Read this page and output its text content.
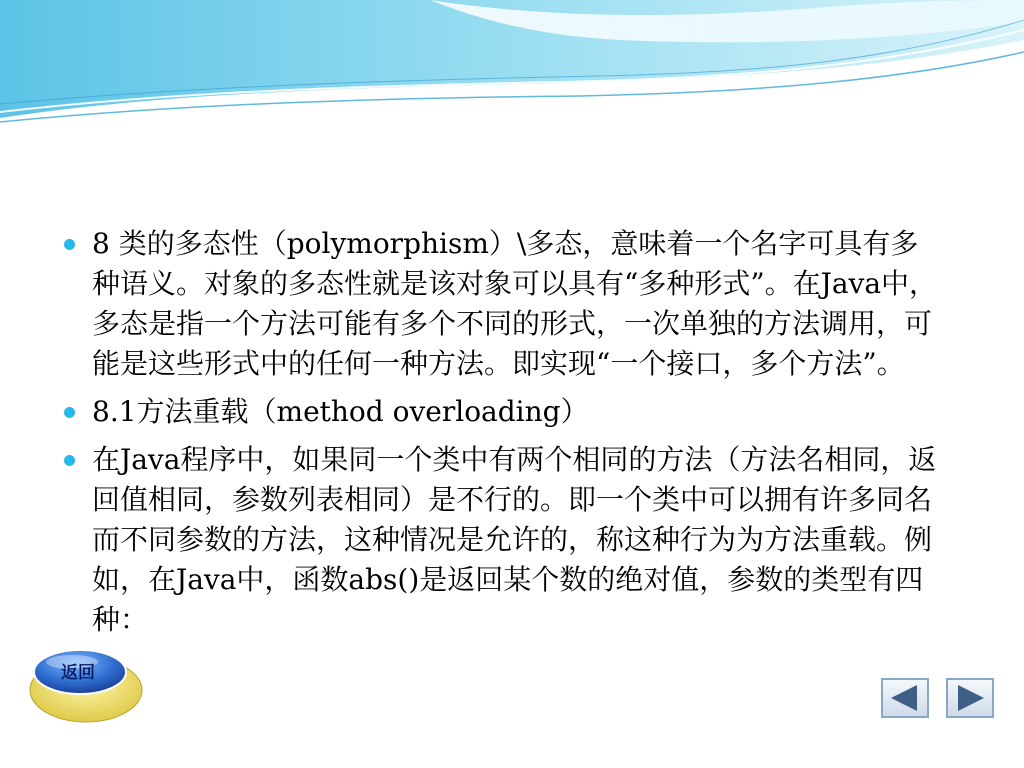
8 类的多态性（polymorphism）\多态，意味着一个名字可具有多种语义。对象的多态性就是该对象可以具有“多种形式”。在Java中，多态是指一个方法可能有多个不同的形式，一次单独的方法调用，可能是这些形式中的任何一种方法。即实现“一个接口，多个方法”。
8.1方法重载（method overloading）
在Java程序中，如果同一个类中有两个相同的方法（方法名相同，返回值相同，参数列表相同）是不行的。即一个类中可以拥有许多同名而不同参数的方法，这种情况是允许的，称这种行为为方法重载。例如，在Java中，函数abs()是返回某个数的绝对值，参数的类型有四种：
返回
